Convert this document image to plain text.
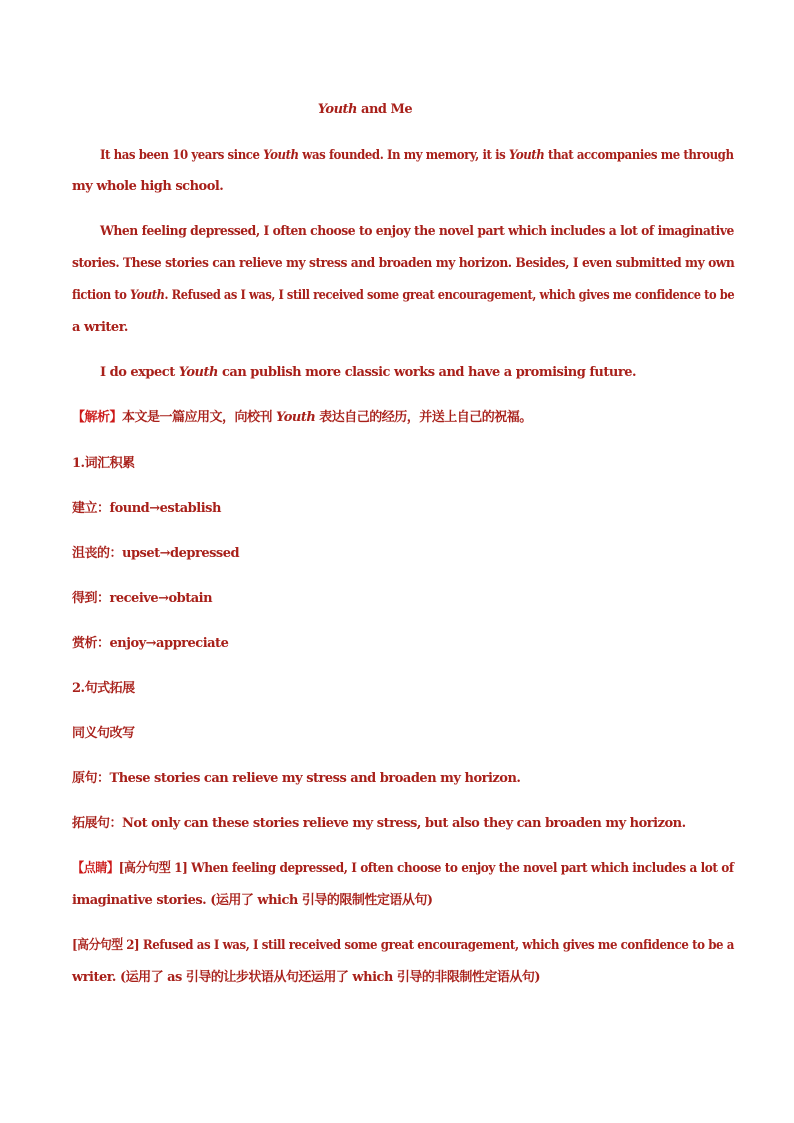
Youth and Me
It has been 10 years since Youth was founded. In my memory, it is Youth that accompanies me through
my whole high school.
When feeling depressed, I often choose to enjoy the novel part which includes a lot of imaginative
stories. These stories can relieve my stress and broaden my horizon. Besides, I even submitted my own
fiction to Youth. Refused as I was, I still received some great encouragement, which gives me confidence to be
a writer.
I do expect Youth can publish more classic works and have a promising future.
【解析】本文是一篇应用文，向校刊 Youth 表达自己的经历，并送上自己的祝福。
1.词汇积累
建立：found→establish
沮丧的：upset→depressed
得到：receive→obtain
赏析：enjoy→appreciate
2.句式拓展
同义句改写
原句：These stories can relieve my stress and broaden my horizon.
拓展句：Not only can these stories relieve my stress, but also they can broaden my horizon.
【点睛】[高分句型 1] When feeling depressed, I often choose to enjoy the novel part which includes a lot of
imaginative stories. (运用了 which 引导的限制性定语从句)
[高分句型 2] Refused as I was, I still received some great encouragement, which gives me confidence to be a
writer. (运用了 as 引导的让步状语从句还运用了 which 引导的非限制性定语从句)
